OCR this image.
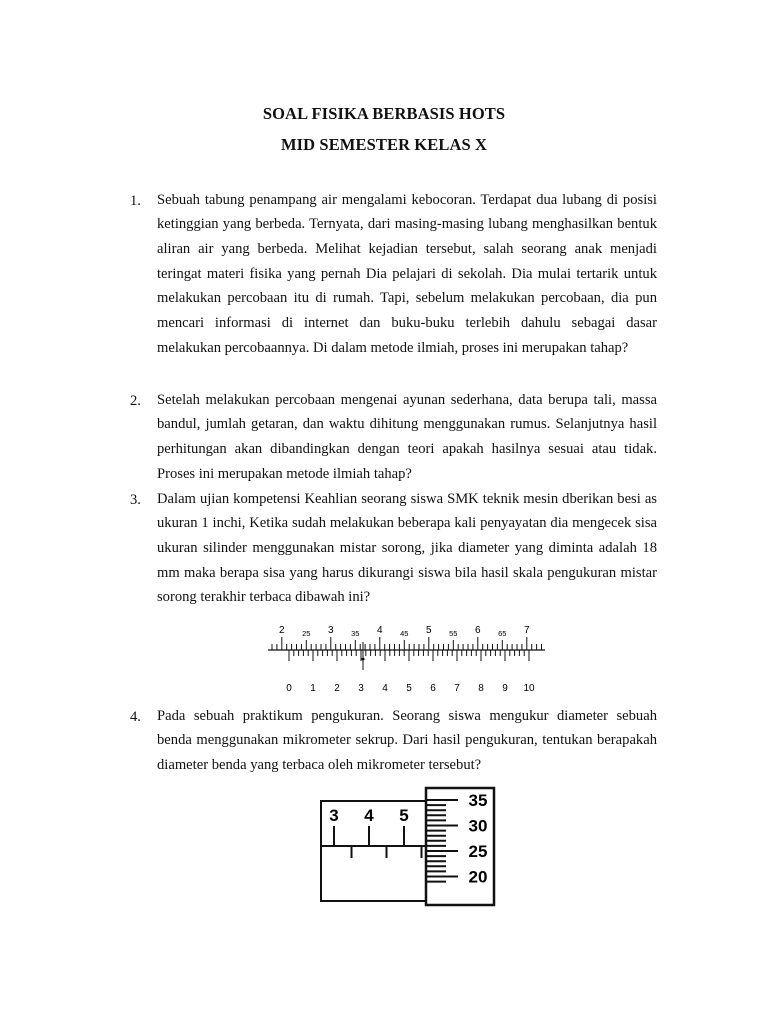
SOAL FISIKA BERBASIS HOTS
MID SEMESTER KELAS X
1. Sebuah tabung penampang air mengalami kebocoran. Terdapat dua lubang di posisi ketinggian yang berbeda. Ternyata, dari masing-masing lubang menghasilkan bentuk aliran air yang berbeda. Melihat kejadian tersebut, salah seorang anak menjadi teringat materi fisika yang pernah Dia pelajari di sekolah. Dia mulai tertarik untuk melakukan percobaan itu di rumah. Tapi, sebelum melakukan percobaan, dia pun mencari informasi di internet dan buku-buku terlebih dahulu sebagai dasar melakukan percobaannya. Di dalam metode ilmiah, proses ini merupakan tahap?

2. Setelah melakukan percobaan mengenai ayunan sederhana, data berupa tali, massa bandul, jumlah getaran, dan waktu dihitung menggunakan rumus. Selanjutnya hasil perhitungan akan dibandingkan dengan teori apakah hasilnya sesuai atau tidak. Proses ini merupakan metode ilmiah tahap?

3. Dalam ujian kompetensi Keahlian seorang siswa SMK teknik mesin dberikan besi as ukuran 1 inchi, Ketika sudah melakukan beberapa kali penyayatan dia mengecek sisa ukuran silinder menggunakan mistar sorong, jika diameter yang diminta adalah 18 mm maka berapa sisa yang harus dikurangi siswa bila hasil skala pengukuran mistar sorong terakhir terbaca dibawah ini?

2 25 3 35 4 45 5 55 6 65 7
✦
0 1 2 3 4 5 6 7 8 9 10
4. Pada sebuah praktikum pengukuran. Seorang siswa mengukur diameter sebuah benda menggunakan mikrometer sekrup. Dari hasil pengukuran, tentukan berapakah diameter benda yang terbaca oleh mikrometer tersebut?

3 4 5
35
30
25
20
